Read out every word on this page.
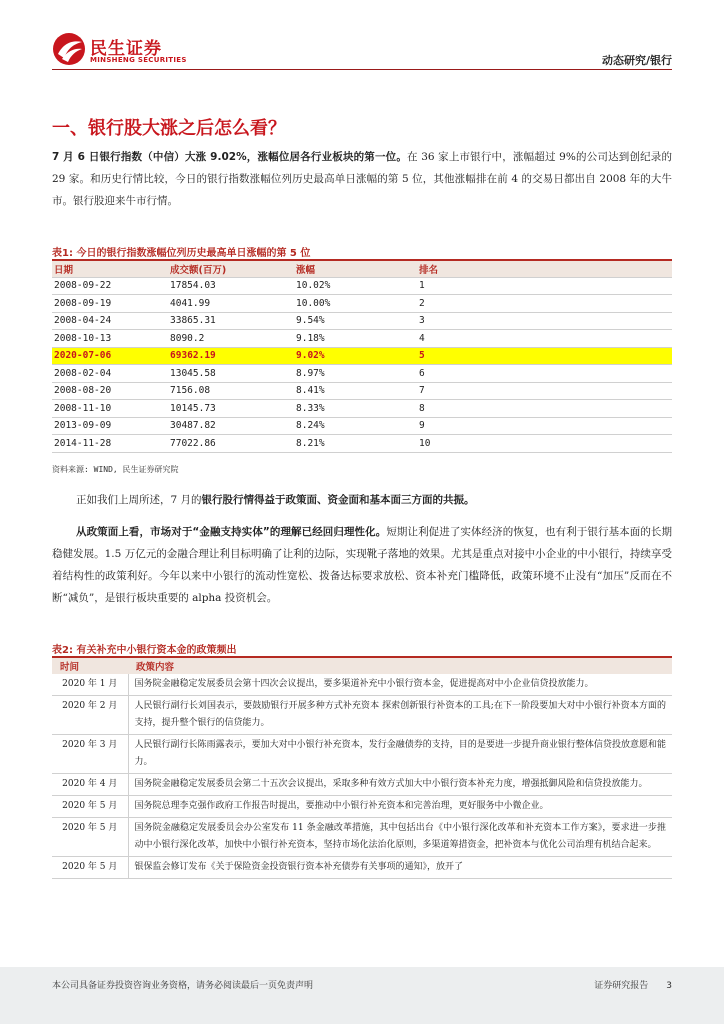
民生证券
MINSHENG SECURITIES	动态研究/银行
一、银行股大涨之后怎么看？

7 月 6 日银行指数（中信）大涨 9.02%，涨幅位居各行业板块的第一位。在 36 家上市银行中，涨幅超过 9%的公司达到创纪录的 29 家。和历史行情比较，今日的银行指数涨幅位列历史最高单日涨幅的第 5 位，其他涨幅排在前 4 的交易日都出自 2008 年的大牛市。银行股迎来牛市行情。

表1: 今日的银行指数涨幅位列历史最高单日涨幅的第 5 位
日期	成交额(百万)	涨幅	排名
2008-09-22	17854.03	10.02%	1
2008-09-19	4041.99	10.00%	2
2008-04-24	33865.31	9.54%	3
2008-10-13	8090.2	9.18%	4
2020-07-06	69362.19	9.02%	5
2008-02-04	13045.58	8.97%	6
2008-08-20	7156.08	8.41%	7
2008-11-10	10145.73	8.33%	8
2013-09-09	30487.82	8.24%	9
2014-11-28	77022.86	8.21%	10
资料来源: WIND, 民生证券研究院

正如我们上周所述，7 月的银行股行情得益于政策面、资金面和基本面三方面的共振。

从政策面上看，市场对于“金融支持实体”的理解已经回归理性化。短期让利促进了实体经济的恢复，也有利于银行基本面的长期稳健发展。1.5 万亿元的金融合理让利目标明确了让利的边际，实现靴子落地的效果。尤其是重点对接中小企业的中小银行，持续享受着结构性的政策利好。今年以来中小银行的流动性宽松、拨备达标要求放松、资本补充门槛降低，政策环境不止没有“加压”反而在不断“减负”，是银行板块重要的 alpha 投资机会。

表2: 有关补充中小银行资本金的政策频出
时间	政策内容
2020 年 1 月	国务院金融稳定发展委员会第十四次会议提出，要多渠道补充中小银行资本金，促进提高对中小企业信贷投放能力。
2020 年 2 月	人民银行副行长刘国表示，要鼓励银行开展多种方式补充资本 探索创新银行补资本的工具;在下一阶段要加大对中小银行补资本方面的支持，提升整个银行的信贷能力。
2020 年 3 月	人民银行副行长陈雨露表示，要加大对中小银行补充资本，发行金融债券的支持，目的是要进一步提升商业银行整体信贷投放意愿和能力。
2020 年 4 月	国务院金融稳定发展委员会第二十五次会议提出，采取多种有效方式加大中小银行资本补充力度，增强抵御风险和信贷投放能力。
2020 年 5 月	国务院总理李克强作政府工作报告时提出，要推动中小银行补充资本和完善治理，更好服务中小微企业。
2020 年 5 月	国务院金融稳定发展委员会办公室发布 11 条金融改革措施，其中包括出台《中小银行深化改革和补充资本工作方案》，要求进一步推动中小银行深化改革，加快中小银行补充资本，坚持市场化法治化原则，多渠道筹措资金，把补资本与优化公司治理有机结合起来。
2020 年 5 月	银保监会修订发布《关于保险资金投资银行资本补充债券有关事项的通知》，放开了
本公司具备证券投资咨询业务资格，请务必阅读最后一页免责声明	证券研究报告 3
